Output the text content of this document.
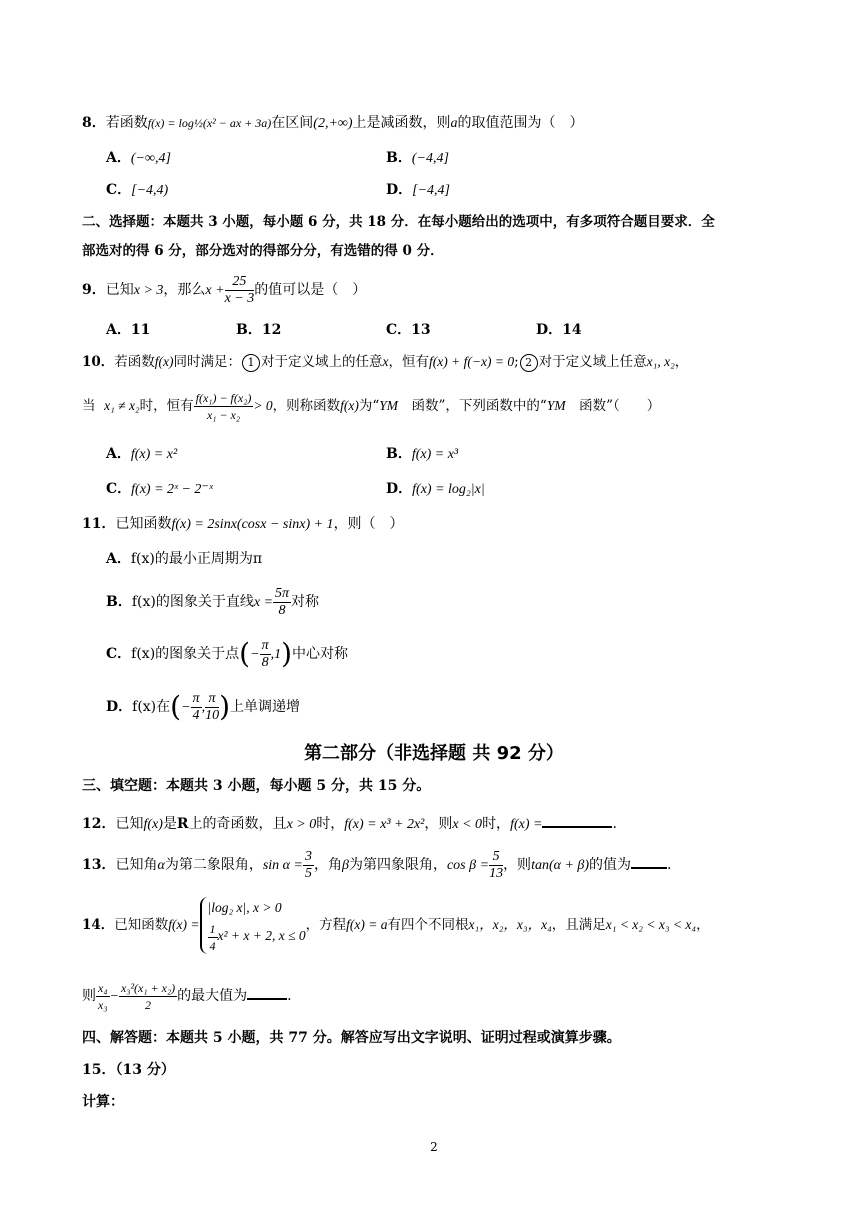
8．若函数f(x) = log½(x² − ax + 3a)在区间(2,+∞)上是减函数，则a的取值范围为（　）
A．(−∞,4]	B．(−4,4]
C．[−4,4)	D．[−4,4]
二、选择题：本题共 3 小题，每小题 6 分，共 18 分．在每小题给出的选项中，有多项符合题目要求．全
部选对的得 6 分，部分选对的得部分分，有选错的得 0 分．
9．已知x > 3，那么$x + \frac{25}{x - 3}$ 的值可以是（　）
A．11	B．12	C．13	D．14
10．若函数f(x)同时满足： 1 对于定义域上的任意x，恒有f(x) + f(−x) = 0; 2 对于定义域上任意x₁, x₂，
当 x₁ ≠ x₂时，恒有 $\frac{\text{f(x₁) − f(x₂)}}{\text{x₁ − x₂}} > 0$，则称函数f(x)为“YM　函数”，下列函数中的“YM　函数”（　　）
A．f(x) = x²	B．f(x) = x³
C．f(x) = 2ˣ − 2⁻ˣ	D．f(x) = log₂|x|
11．已知函数f(x) = 2sinx(cosx − sinx) + 1，则（　）
A．f(x)的最小正周期为π
B．f(x)的图象关于直线$x = \frac{5\pi}{8}$ 对称
C．f(x)的图象关于点(− $\frac{\pi}{8} ,1$)中心对称
D．f(x)在(− $\frac{\pi}{4}$ , $\frac{\pi}{10}$ )上单调递增
第二部分（非选择题 共 92 分）
三、填空题：本题共 3 小题，每小题 5 分，共 15 分。
12．已知f(x)是R上的奇函数，且x > 0时，f(x) = x³ + 2x²，则x < 0时，f(x) =	.
13．已知角α为第二象限角，$\sin \alpha = \frac{3}{5}$ ，角β为第四象限角，$\cos \beta = \frac{5}{13}$ ，则tan(α + β)的值为	.
14．已知函数f(x) =
|log₂ x|, x > 0
$\frac{1}{4} x^2 + x + 2$, x ≤ 0
，方程f(x) = a有四个不同根x₁，x₂，x₃，x₄，且满足x₁ < x₂ < x₃ < x₄，
则 $\frac{\text{x₄}}{\text{x₃}} - \frac{\text{x₃²(x₁ + x₂)}}{2}$ 的最大值为	.
四、解答题：本题共 5 小题，共 77 分。解答应写出文字说明、证明过程或演算步骤。
15．（13 分）
计算：
2
